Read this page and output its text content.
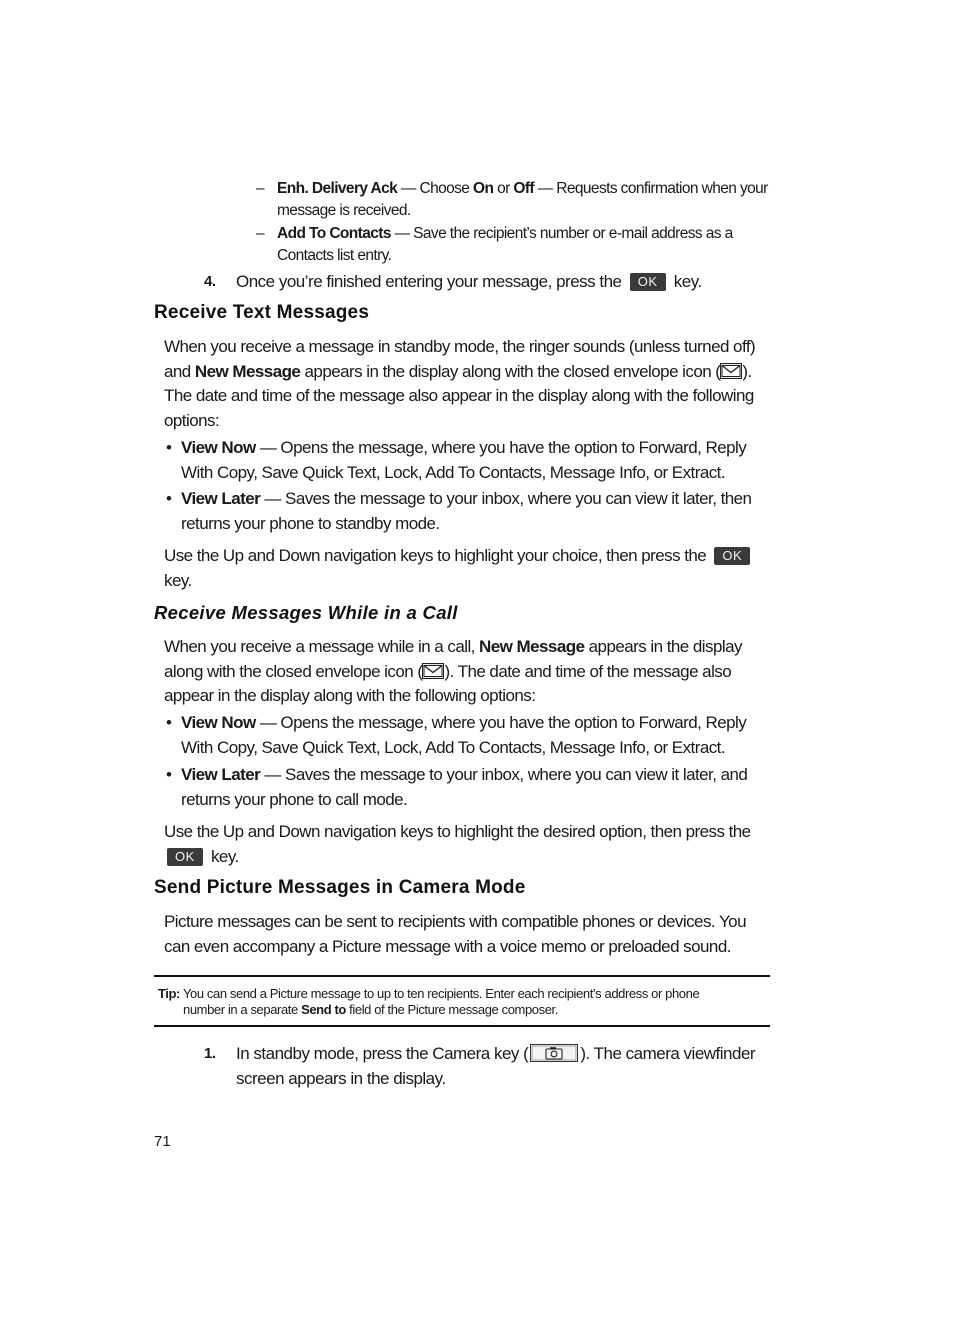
– Enh. Delivery Ack — Choose On or Off — Requests confirmation when your
message is received.
– Add To Contacts — Save the recipient’s number or e-mail address as a
Contacts list entry.
4. Once you’re finished entering your message, press the OK key.
Receive Text Messages
When you receive a message in standby mode, the ringer sounds (unless turned off)
and New Message appears in the display along with the closed envelope icon ( ).
The date and time of the message also appear in the display along with the following options:
• View Now — Opens the message, where you have the option to Forward, Reply With Copy, Save Quick Text, Lock, Add To Contacts, Message Info, or Extract.
• View Later — Saves the message to your inbox, where you can view it later, then returns your phone to standby mode.
Use the Up and Down navigation keys to highlight your choice, then press the OK
key.
Receive Messages While in a Call
When you receive a message while in a call, New Message appears in the display
along with the closed envelope icon ( ). The date and time of the message also
appear in the display along with the following options:
• View Now — Opens the message, where you have the option to Forward, Reply With Copy, Save Quick Text, Lock, Add To Contacts, Message Info, or Extract.
• View Later — Saves the message to your inbox, where you can view it later, and returns your phone to call mode.
Use the Up and Down navigation keys to highlight the desired option, then press the
OK key.
Send Picture Messages in Camera Mode
Picture messages can be sent to recipients with compatible phones or devices. You can even accompany a Picture message with a voice memo or preloaded sound.
Tip: You can send a Picture message to up to ten recipients. Enter each recipient’s address or phone
number in a separate Send to field of the Picture message composer.
1. In standby mode, press the Camera key (	). The camera viewfinder
screen appears in the display.
71
